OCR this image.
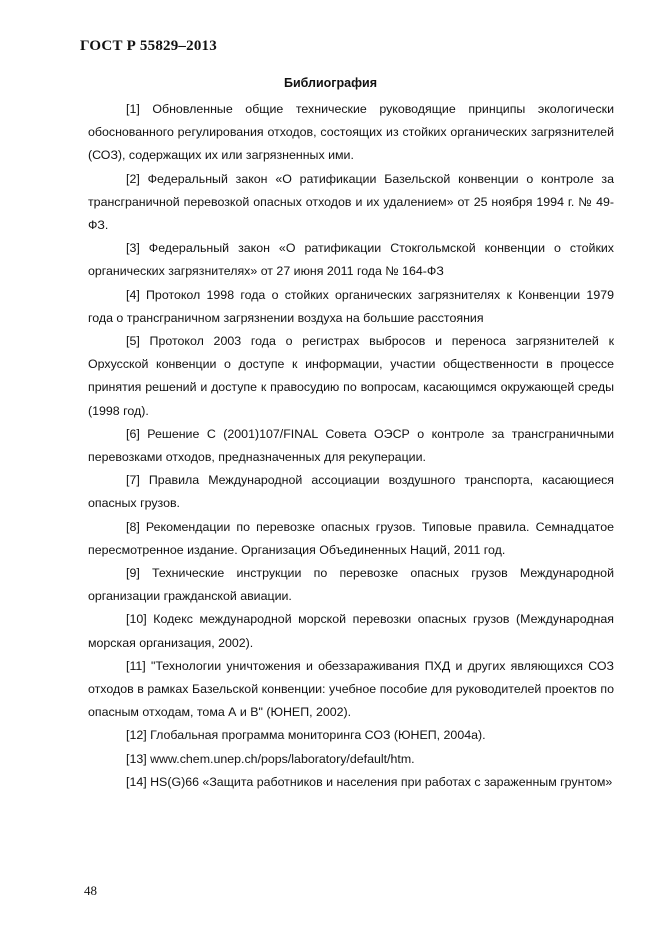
ГОСТ Р 55829–2013
Библиография

[1] Обновленные общие технические руководящие принципы экологически обоснованного регулирования отходов, состоящих из стойких органических загрязнителей (СОЗ), содержащих их или загрязненных ими.

[2] Федеральный закон «О ратификации Базельской конвенции о контроле за трансграничной перевозкой опасных отходов и их удалением» от 25 ноября 1994 г. № 49-ФЗ.

[3] Федеральный закон «О ратификации Стокгольмской конвенции о стойких органических загрязнителях» от 27 июня 2011 года № 164-ФЗ

[4] Протокол 1998 года о стойких органических загрязнителях к Конвенции 1979 года о трансграничном загрязнении воздуха на большие расстояния

[5] Протокол 2003 года о регистрах выбросов и переноса загрязнителей к Орхусской конвенции о доступе к информации, участии общественности в процессе принятия решений и доступе к правосудию по вопросам, касающимся окружающей среды (1998 год).

[6] Решение С (2001)107/FINAL Совета ОЭСР о контроле за трансграничными перевозками отходов, предназначенных для рекуперации.

[7] Правила Международной ассоциации воздушного транспорта, касающиеся опасных грузов.

[8] Рекомендации по перевозке опасных грузов. Типовые правила. Семнадцатое пересмотренное издание. Организация Объединенных Наций, 2011 год.

[9] Технические инструкции по перевозке опасных грузов Международной организации гражданской авиации.

[10] Кодекс международной морской перевозки опасных грузов (Международная морская организация, 2002).

[11] "Технологии уничтожения и обеззараживания ПХД и других являющихся СОЗ отходов в рамках Базельской конвенции: учебное пособие для руководителей проектов по опасным отходам, тома А и В" (ЮНЕП, 2002).

[12] Глобальная программа мониторинга СОЗ (ЮНЕП, 2004а).

[13] www.chem.unep.ch/pops/laboratory/default/htm.

[14] HS(G)66 «Защита работников и населения при работах с зараженным грунтом»

48
